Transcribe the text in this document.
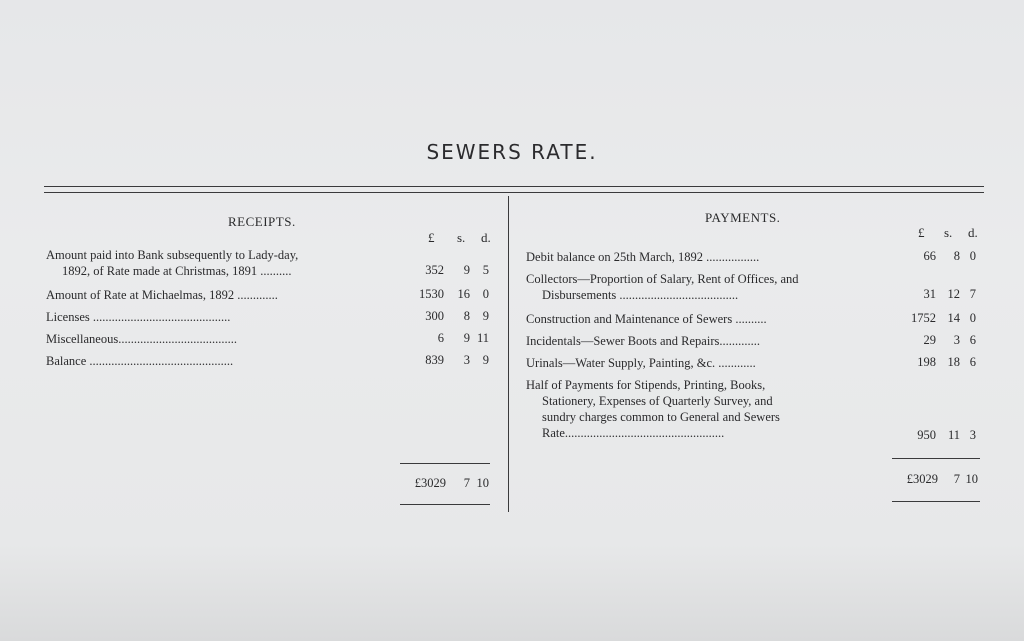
SEWERS RATE.
RECEIPTS.
£ s. d.
Amount paid into Bank subsequently to Lady-day,
1892, of Rate made at Christmas, 1891 ..........	352 9 5
Amount of Rate at Michaelmas, 1892 .............	1530 16 0
Licenses ............................................	300 8 9
Miscellaneous......................................	6 9 11
Balance ..............................................	839 3 9
£3029 7 10
PAYMENTS.
£ s. d.
Debit balance on 25th March, 1892 .................	66 8 0
Collectors—Proportion of Salary, Rent of Offices, and
Disbursements ......................................	31 12 7
Construction and Maintenance of Sewers ..........	1752 14 0
Incidentals—Sewer Boots and Repairs.............	29 3 6
Urinals—Water Supply, Painting, &c. ............	198 18 6
Half of Payments for Stipends, Printing, Books,
Stationery, Expenses of Quarterly Survey, and
sundry charges common to General and Sewers
Rate...................................................	950 11 3
£3029 7 10
